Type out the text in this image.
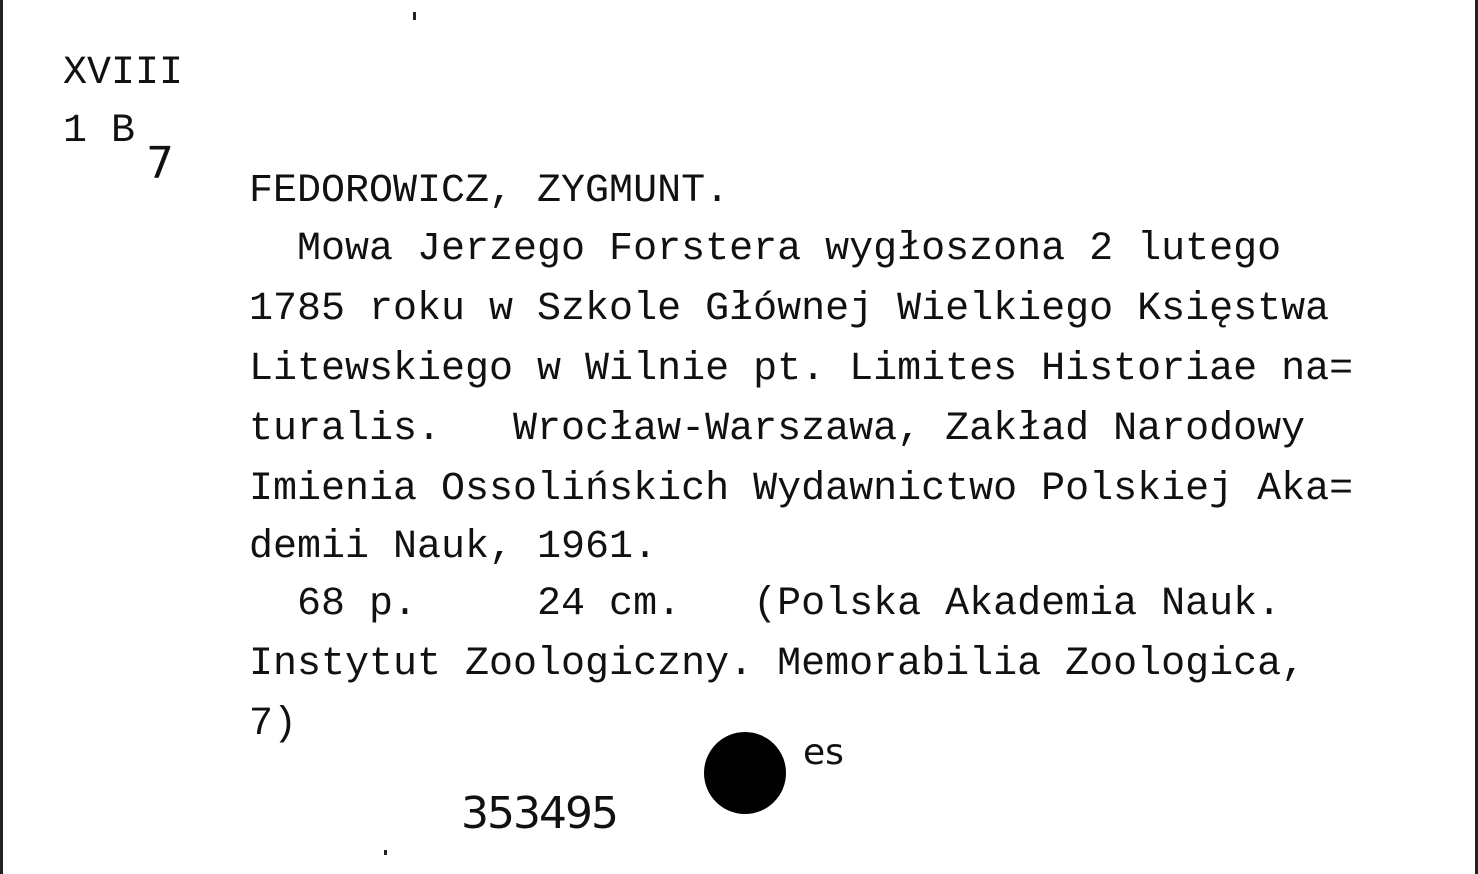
XVIII
1 B
7
FEDOROWICZ, ZYGMUNT.
Mowa Jerzego Forstera wygłoszona 2 lutego
1785 roku w Szkole Głównej Wielkiego Księstwa
Litewskiego w Wilnie pt. Limites Historiae na=
turalis.   Wrocław-Warszawa, Zakład Narodowy
Imienia Ossolińskich Wydawnictwo Polskiej Aka=
demii Nauk, 1961.
68 p.     24 cm.   (Polska Akademia Nauk.
Instytut Zoologiczny. Memorabilia Zoologica,
7)
es
353495
